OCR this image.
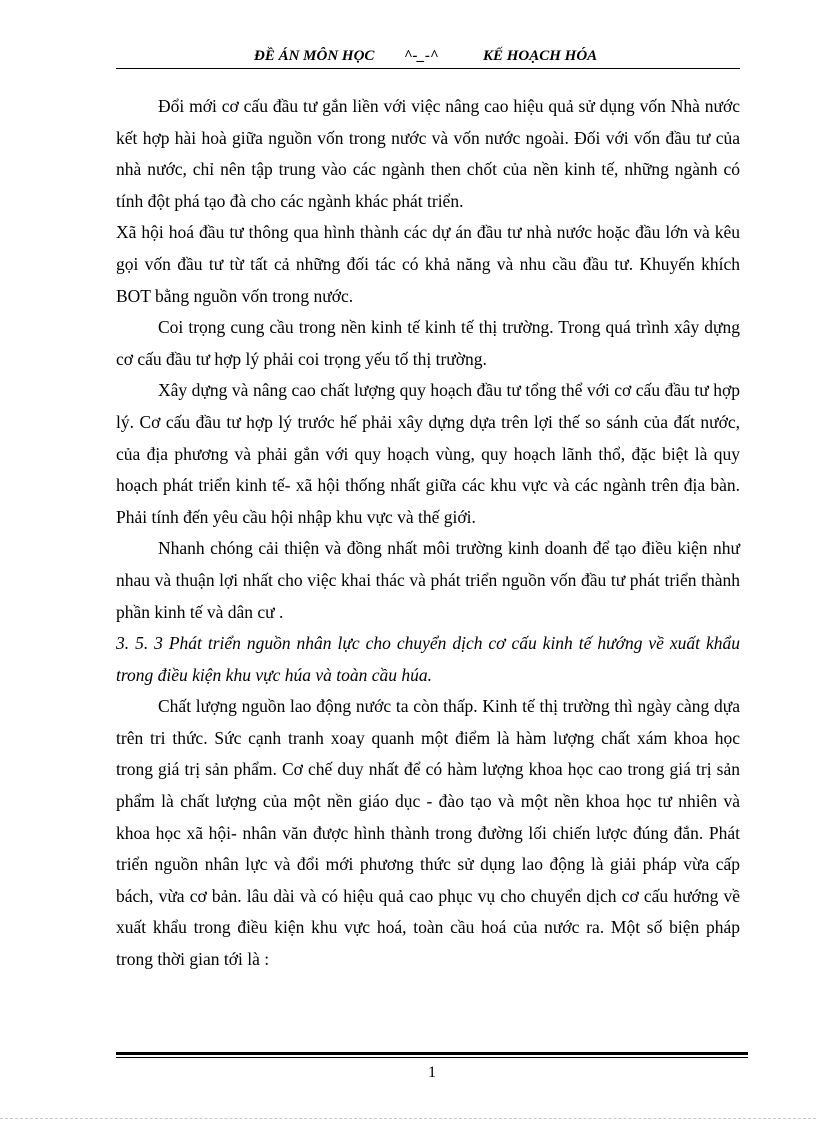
ĐỀ ÁN MÔN HỌC ^-_-^	KẾ HOẠCH HÓA

Đổi mới cơ cấu đầu tư gắn liền với việc nâng cao hiệu quả sử dụng vốn Nhà nước kết hợp hài hoà giữa nguồn vốn trong nước và vốn nước ngoài. Đối với vốn đầu tư của nhà nước, chỉ nên tập trung vào các ngành then chốt của nền kinh tế, những ngành có tính đột phá tạo đà cho các ngành khác phát triển.

Xã hội hoá đầu tư thông qua hình thành các dự án đầu tư nhà nước hoặc đầu lớn và kêu gọi vốn đầu tư từ tất cả những đối tác có khả năng và nhu cầu đầu tư. Khuyến khích BOT bằng nguồn vốn trong nước.

Coi trọng cung cầu trong nền kinh tế kinh tế thị trường. Trong quá trình xây dựng cơ cấu đầu tư hợp lý phải coi trọng yếu tố thị trường.

Xây dựng và nâng cao chất lượng quy hoạch đầu tư tổng thể với cơ cấu đầu tư hợp lý. Cơ cấu đầu tư hợp lý trước hế phải xây dựng dựa trên lợi thế so sánh của đất nước, của địa phương và phải gắn với quy hoạch vùng, quy hoạch lãnh thổ, đặc biệt là quy hoạch phát triển kinh tế- xã hội thống nhất giữa các khu vực và các ngành trên địa bàn. Phải tính đến yêu cầu hội nhập khu vực và thế giới.

Nhanh chóng cải thiện và đồng nhất môi trường kinh doanh để tạo điều kiện như nhau và thuận lợi nhất cho việc khai thác và phát triển nguồn vốn đầu tư phát triển thành phần kinh tế và dân cư .

3. 5. 3 Phát triển nguồn nhân lực cho chuyển dịch cơ cấu kinh tế hướng về xuất khẩu trong điều kiện khu vực húa và toàn cầu húa.

Chất lượng nguồn lao động nước ta còn thấp. Kinh tế thị trường thì ngày càng dựa trên tri thức. Sức cạnh tranh xoay quanh một điểm là hàm lượng chất xám khoa học trong giá trị sản phẩm. Cơ chế duy nhất để có hàm lượng khoa học cao trong giá trị sản phẩm là chất lượng của một nền giáo dục - đào tạo và một nền khoa học tư nhiên và khoa học xã hội- nhân văn được hình thành trong đường lối chiến lược đúng đắn. Phát triển nguồn nhân lực và đổi mới phương thức sử dụng lao động là giải pháp vừa cấp bách, vừa cơ bản. lâu dài và có hiệu quả cao phục vụ cho chuyển dịch cơ cấu hướng về xuất khẩu trong điều kiện khu vực hoá, toàn cầu hoá của nước ra. Một số biện pháp trong thời gian tới là :

1
